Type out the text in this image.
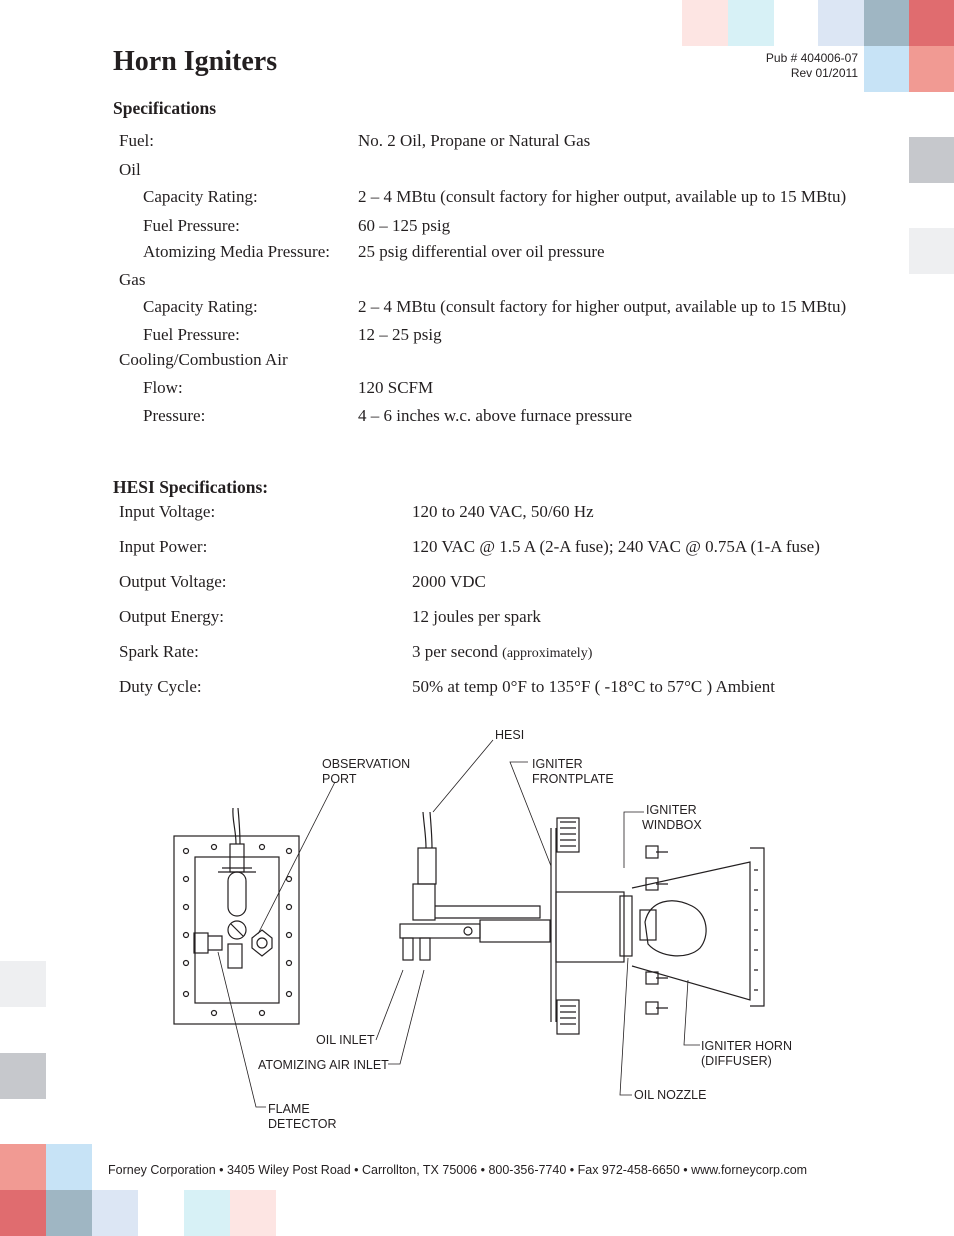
Horn Igniters	Pub # 404006-07
Rev 01/2011
Specifications
Fuel:	No. 2 Oil, Propane or Natural Gas
Oil
Capacity Rating:	2 – 4 MBtu (consult factory for higher output, available up to 15 MBtu)
Fuel Pressure:	60 – 125 psig
Atomizing Media Pressure: 25 psig differential over oil pressure
Gas
Capacity Rating:	2 – 4 MBtu (consult factory for higher output, available up to 15 MBtu)
Fuel Pressure:	12 – 25 psig
Cooling/Combustion Air
Flow:	120 SCFM
Pressure:	4 – 6 inches w.c. above furnace pressure
HESI Specifications:
Input Voltage:	120 to 240 VAC, 50/60 Hz
Input Power:	120 VAC @ 1.5 A (2-A fuse); 240 VAC @ 0.75A (1-A fuse)
Output Voltage:	2000 VDC
Output Energy:	12 joules per spark
Spark Rate:	3 per second (approximately)
Duty Cycle:	50% at temp 0°F to 135°F ( -18°C to 57°C ) Ambient
HESI
OBSERVATION
PORT
IGNITER
FRONTPLATE
IGNITER
WINDBOX
OIL INLET
ATOMIZING AIR INLET
IGNITER HORN
(DIFFUSER)
OIL NOZZLE
FLAME
DETECTOR
Forney Corporation • 3405 Wiley Post Road • Carrollton, TX 75006 • 800-356-7740 • Fax 972-458-6650 • www.forneycorp.com
